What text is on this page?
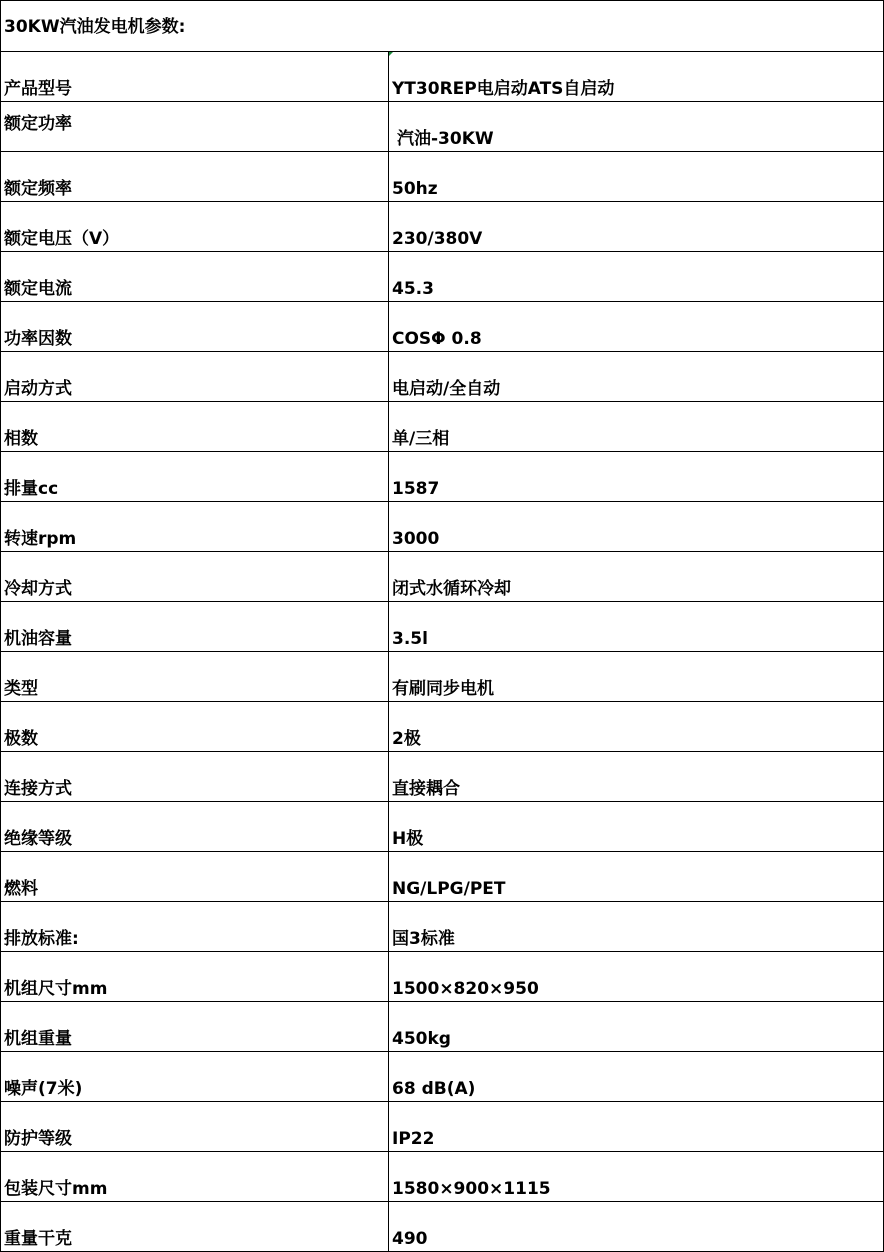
30KW汽油发电机参数:	
产品型号	YT30REP电启动ATS自启动
额定功率	汽油-30KW
额定频率	50hz
额定电压（V）	230/380V
额定电流	45.3
功率因数	COSΦ 0.8
启动方式	电启动/全自动
相数	单/三相
排量cc	1587
转速rpm	3000
冷却方式	闭式水循环冷却
机油容量	3.5l
类型	有刷同步电机
极数	2极
连接方式	直接耦合
绝缘等级	H极
燃料	NG/LPG/PET
排放标准:	国3标准
机组尺寸mm	1500×820×950
机组重量	450kg
噪声(7米)	68 dB(A)
防护等级	IP22
包装尺寸mm	1580×900×1115
重量干克	490
